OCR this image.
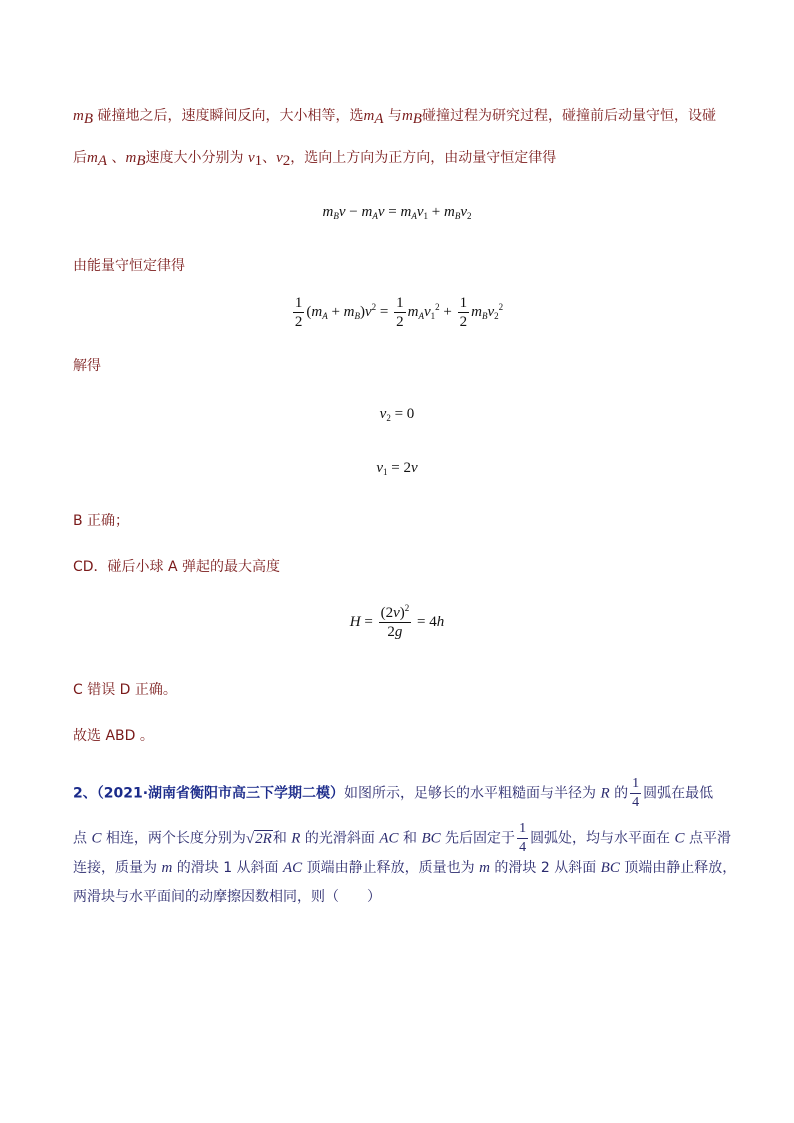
$m_B$ 碰撞地之后，速度瞬间反向，大小相等，选$m_A$ 与$m_B$碰撞过程为研究过程，碰撞前后动量守恒，设碰
后$m_A$ 、$m_B$速度大小分别为 $v_1$、$v_2$，选向上方向为正方向，由动量守恒定律得
$m_Bv - m_Av = m_Av_1 + m_Bv_2$
由能量守恒定律得
$\frac{1}{2} (m_A + m_B)v^2 = \frac{1}{2} m_Av_1^2 + \frac{1}{2} m_Bv_2^2$
解得
$v_2 = 0$
$v_1 = 2v$
B 正确；
CD．碰后小球 A 弹起的最大高度
$H = \frac{(2v)^2}{2g} = 4h$
C 错误 D 正确。
故选 ABD 。
2、（2021·湖南省衡阳市高三下学期二模）如图所示，足够长的水平粗糙面与半径为 R 的 $\frac{1}{4}$ 圆弧在最低
点 C 相连，两个长度分别为√2R和 R 的光滑斜面 AC 和 BC 先后固定于 $\frac{1}{4}$ 圆弧处，均与水平面在 C 点平滑
连接，质量为 m 的滑块 1 从斜面 AC 顶端由静止释放，质量也为 m 的滑块 2 从斜面 BC 顶端由静止释放，
两滑块与水平面间的动摩擦因数相同，则（　　）
